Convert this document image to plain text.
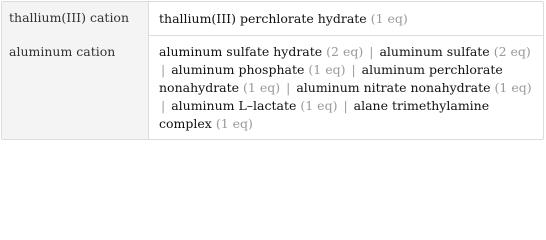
thallium(III) cation	thallium(III) perchlorate hydrate (1 eq)
aluminum cation	aluminum sulfate hydrate (2 eq) | aluminum sulfate (2 eq) | aluminum phosphate (1 eq) | aluminum perchlorate nonahydrate (1 eq) | aluminum nitrate nonahydrate (1 eq) | aluminum L–lactate (1 eq) | alane trimethylamine complex (1 eq)
